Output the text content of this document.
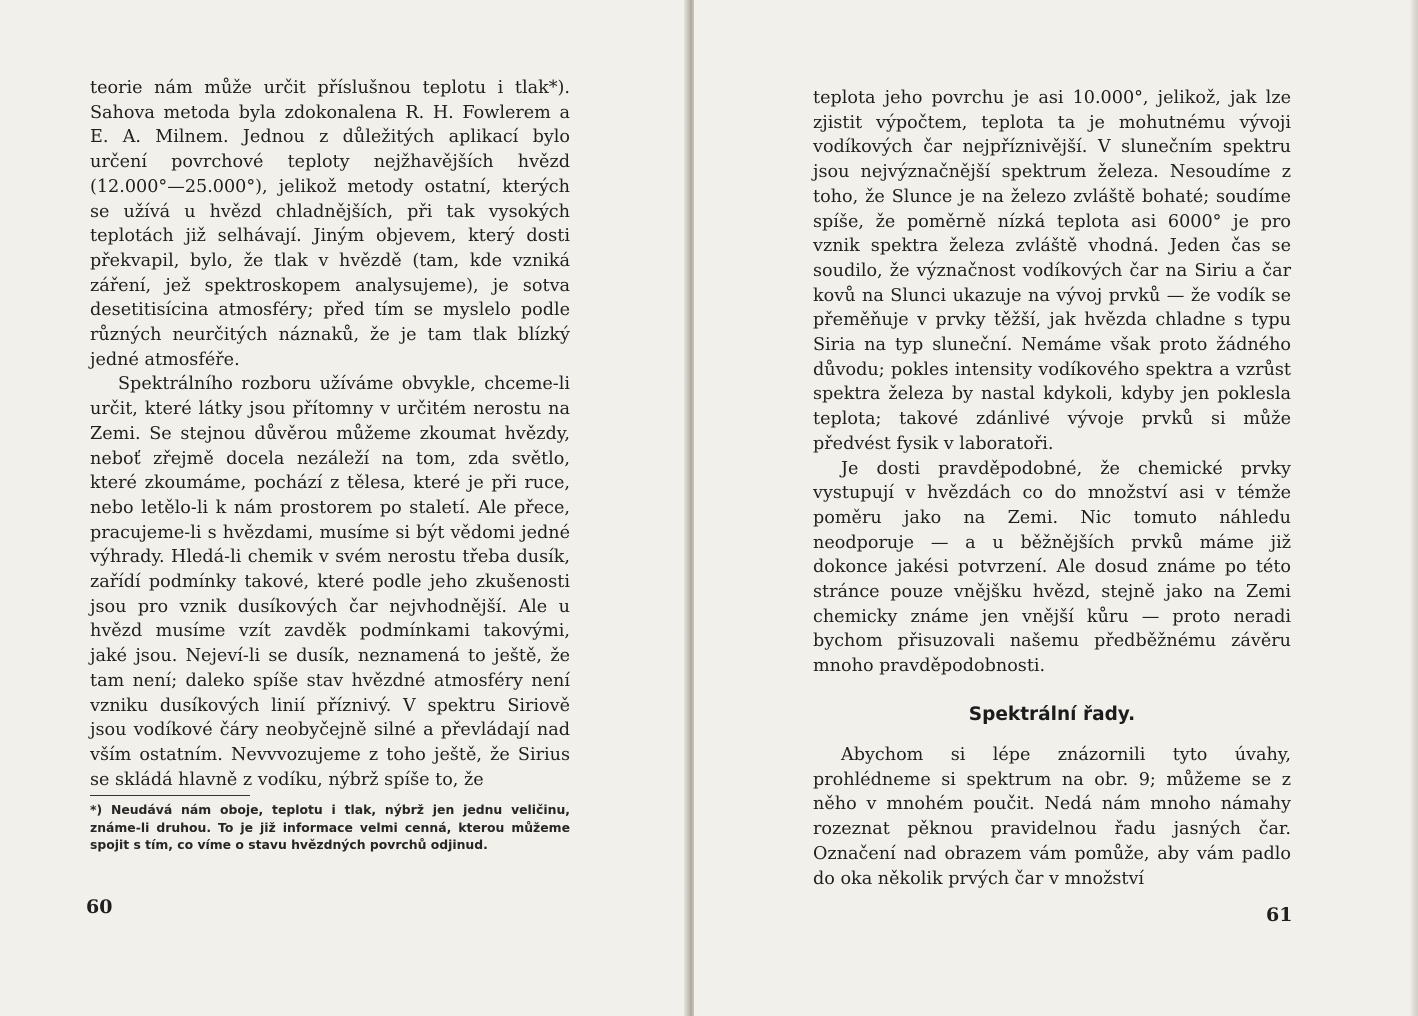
teorie nám může určit příslušnou teplotu i tlak*). Sahova metoda byla zdokonalena R. H. Fowlerem a E. A. Milnem. Jednou z důležitých aplikací bylo určení povrchové teploty nejžhavějších hvězd (12.000°—25.000°), jelikož metody ostatní, kterých se užívá u hvězd chladnějších, při tak vysokých teplotách již selhávají. Jiným objevem, který dosti překvapil, bylo, že tlak v hvězdě (tam, kde vzniká záření, jež spektroskopem analysujeme), je sotva desetitisícina atmosféry; před tím se myslelo podle různých neurčitých náznaků, že je tam tlak blízký jedné atmosféře.

Spektrálního rozboru užíváme obvykle, chceme-li určit, které látky jsou přítomny v určitém nerostu na Zemi. Se stejnou důvěrou můžeme zkoumat hvězdy, neboť zřejmě docela nezáleží na tom, zda světlo, které zkoumáme, pochází z tělesa, které je při ruce, nebo letělo-li k nám prostorem po staletí. Ale přece, pracujeme-li s hvězdami, musíme si být vědomi jedné výhrady. Hledá-li chemik v svém nerostu třeba dusík, zařídí podmínky takové, které podle jeho zkušenosti jsou pro vznik dusíkových čar nejvhodnější. Ale u hvězd musíme vzít zavděk podmínkami takovými, jaké jsou. Nejeví-li se dusík, neznamená to ještě, že tam není; daleko spíše stav hvězdné atmosféry není vzniku dusíkových linií příznivý. V spektru Siriově jsou vodíkové čáry neobyčejně silné a převládají nad vším ostatním. Nevvvozujeme z toho ještě, že Sirius se skládá hlavně z vodíku, nýbrž spíše to, že

*) Neudává nám oboje, teplotu i tlak, nýbrž jen jednu veličinu, známe-li druhou. To je již informace velmi cenná, kterou můžeme spojit s tím, co víme o stavu hvězdných povrchů odjinud.
60

teplota jeho povrchu je asi 10.000°, jelikož, jak lze zjistit výpočtem, teplota ta je mohutnému vývoji vodíkových čar nejpříznivější. V slunečním spektru jsou nejvýznačnější spektrum železa. Nesoudíme z toho, že Slunce je na železo zvláště bohaté; soudíme spíše, že poměrně nízká teplota asi 6000° je pro vznik spektra železa zvláště vhodná. Jeden čas se soudilo, že význačnost vodíkových čar na Siriu a čar kovů na Slunci ukazuje na vývoj prvků — že vodík se přeměňuje v prvky těžší, jak hvězda chladne s typu Siria na typ sluneční. Nemáme však proto žádného důvodu; pokles intensity vodíkového spektra a vzrůst spektra železa by nastal kdykoli, kdyby jen poklesla teplota; takové zdánlivé vývoje prvků si může předvést fysik v laboratoři.

Je dosti pravděpodobné, že chemické prvky vystupují v hvězdách co do množství asi v témže poměru jako na Zemi. Nic tomuto náhledu neodporuje — a u běžnějších prvků máme již dokonce jakési potvrzení. Ale dosud známe po této stránce pouze vnějšku hvězd, stejně jako na Zemi chemicky známe jen vnější kůru — proto neradi bychom přisuzovali našemu předběžnému závěru mnoho pravděpodobnosti.

Spektrální řady.

Abychom si lépe znázornili tyto úvahy, prohlédneme si spektrum na obr. 9; můžeme se z něho v mnohém poučit. Nedá nám mnoho námahy rozeznat pěknou pravidelnou řadu jasných čar. Označení nad obrazem vám pomůže, aby vám padlo do oka několik prvých čar v množství

61
